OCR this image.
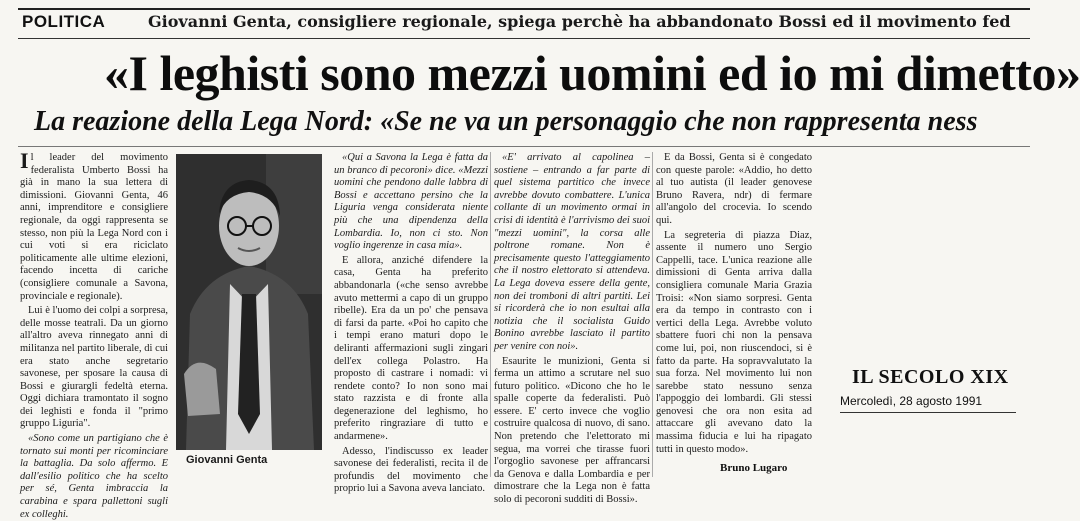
POLITICA	Giovanni Genta, consigliere regionale, spiega perchè ha abbandonato Bossi ed il movimento fed
«I leghisti sono mezzi uomini ed io mi dimetto»
La reazione della Lega Nord: «Se ne va un personaggio che non rappresenta ness

Il leader del movimento federalista Umberto Bossi ha già in mano la sua lettera di dimissioni. Giovanni Genta, 46 anni, imprenditore e consigliere regionale, da oggi rappresenta se stesso, non più la Lega Nord con i cui voti si era riciclato politicamente alle ultime elezioni, facendo incetta di cariche (consigliere comunale a Savona, provinciale e regionale).

Lui è l'uomo dei colpi a sorpresa, delle mosse teatrali. Da un giorno all'altro aveva rinnegato anni di militanza nel partito liberale, di cui era stato anche segretario savonese, per sposare la causa di Bossi e giurargli fedeltà eterna. Oggi dichiara tramontato il sogno dei leghisti e fonda il "primo gruppo Liguria".

«Sono come un partigiano che è tornato sui monti per ricominciare la battaglia. Da solo affermo. E dall'esilio politico che ha scelto per sé, Genta imbraccia la carabina e spara pallettoni sugli ex colleghi.

Giovanni Genta

«Qui a Savona la Lega è fatta da un branco di pecoroni» dice. «Mezzi uomini che pendono dalle labbra di Bossi e accettano persino che la Liguria venga considerata niente più che una dipendenza della Lombardia. Io, non ci sto. Non voglio ingerenze in casa mia».

E allora, anziché difendere la casa, Genta ha preferito abbandonarla («che senso avrebbe avuto mettermi a capo di un gruppo ribelle). Era da un po' che pensava di farsi da parte. «Poi ho capito che i tempi erano maturi dopo le deliranti affermazioni sugli zingari dell'ex collega Polastro. Ha proposto di castrare i nomadi: vi rendete conto? Io non sono mai stato razzista e di fronte alla degenerazione del leghismo, ho preferito ringraziare di tutto e andarmene».

Adesso, l'indiscusso ex leader savonese dei federalisti, recita il de profundis del movimento che proprio lui a Savona aveva lanciato.

«E' arrivato al capolinea – sostiene – entrando a far parte di quel sistema partitico che invece avrebbe dovuto combattere. L'unica collante di un movimento ormai in crisi di identità è l'arrivismo dei suoi "mezzi uomini", la corsa alle poltrone romane. Non è precisamente questo l'atteggiamento che il nostro elettorato si attendeva. La Lega doveva essere della gente, non dei tromboni di altri partiti. Lei si ricorderà che io non esultai alla notizia che il socialista Guido Bonino avrebbe lasciato il partito per venire con noi».

Esaurite le munizioni, Genta si ferma un attimo a scrutare nel suo futuro politico. «Dicono che ho le spalle coperte da federalisti. Può essere. E' certo invece che voglio costruire qualcosa di nuovo, di sano. Non pretendo che l'elettorato mi segua, ma vorrei che tirasse fuori l'orgoglio savonese per affrancarsi da Genova e dalla Lombardia e per dimostrare che la Lega non è fatta solo di pecoroni sudditi di Bossi».

E da Bossi, Genta si è congedato con queste parole: «Addio, ho detto al tuo autista (il leader genovese Bruno Ravera, ndr) di fermare all'angolo del crocevia. Io scendo qui.

La segreteria di piazza Diaz, assente il numero uno Sergio Cappelli, tace. L'unica reazione alle dimissioni di Genta arriva dalla consigliera comunale Maria Grazia Troisi: «Non siamo sorpresi. Genta era da tempo in contrasto con i vertici della Lega. Avrebbe voluto sbattere fuori chi non la pensava come lui, poi, non riuscendoci, si è fatto da parte. Ha sopravvalutato la sua forza. Nel movimento lui non sarebbe stato nessuno senza l'appoggio dei lombardi. Gli stessi genovesi che ora non esita ad attaccare gli avevano dato la massima fiducia e lui ha ripagato tutti in questo modo».

IL SECOLO XIX
Mercoledì, 28 agosto 1991
Bruno Lugaro
